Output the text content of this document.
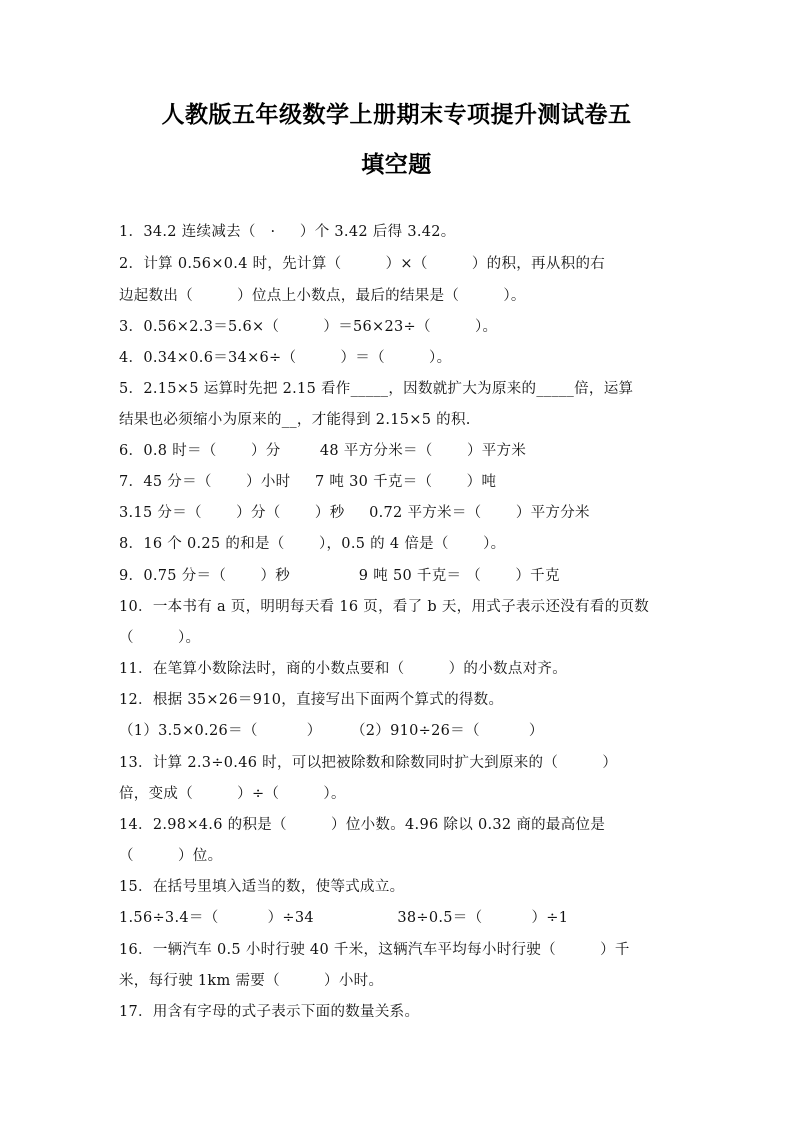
人教版五年级数学上册期末专项提升测试卷五
填空题
1．34.2 连续减去（   ·     ）个 3.42 后得 3.42。
2．计算 0.56×0.4 时，先计算（         ）×（         ）的积，再从积的右
边起数出（         ）位点上小数点，最后的结果是（         ）。
3．0.56×2.3＝5.6×（         ）＝56×23÷（         ）。
4．0.34×0.6＝34×6÷（         ）＝（         ）。
5．2.15×5 运算时先把 2.15 看作_____，因数就扩大为原来的_____倍，运算
结果也必须缩小为原来的__，才能得到 2.15×5 的积.
6．0.8 时＝（       ）分        48 平方分米＝（       ）平方米
7．45 分＝（       ）小时     7 吨 30 千克＝（       ）吨
3.15 分＝（       ）分（       ）秒     0.72 平方米＝（       ）平方分米
8．16 个 0.25 的和是（       ），0.5 的 4 倍是（       ）。
9．0.75 分＝（       ）秒              9 吨 50 千克＝ （       ）千克
10．一本书有 a 页，明明每天看 16 页，看了 b 天，用式子表示还没有看的页数
（         ）。
11．在笔算小数除法时，商的小数点要和（         ）的小数点对齐。
12．根据 35×26＝910，直接写出下面两个算式的得数。
（1）3.5×0.26＝（          ）      （2）910÷26＝（          ）
13．计算 2.3÷0.46 时，可以把被除数和除数同时扩大到原来的（         ）
倍，变成（         ）÷（         ）。
14．2.98×4.6 的积是（         ）位小数。4.96 除以 0.32 商的最高位是
（         ）位。
15．在括号里填入适当的数，使等式成立。
1.56÷3.4＝（          ）÷34                 38÷0.5＝（          ）÷1
16．一辆汽车 0.5 小时行驶 40 千米，这辆汽车平均每小时行驶（         ）千
米，每行驶 1km 需要（         ）小时。
17．用含有字母的式子表示下面的数量关系。
